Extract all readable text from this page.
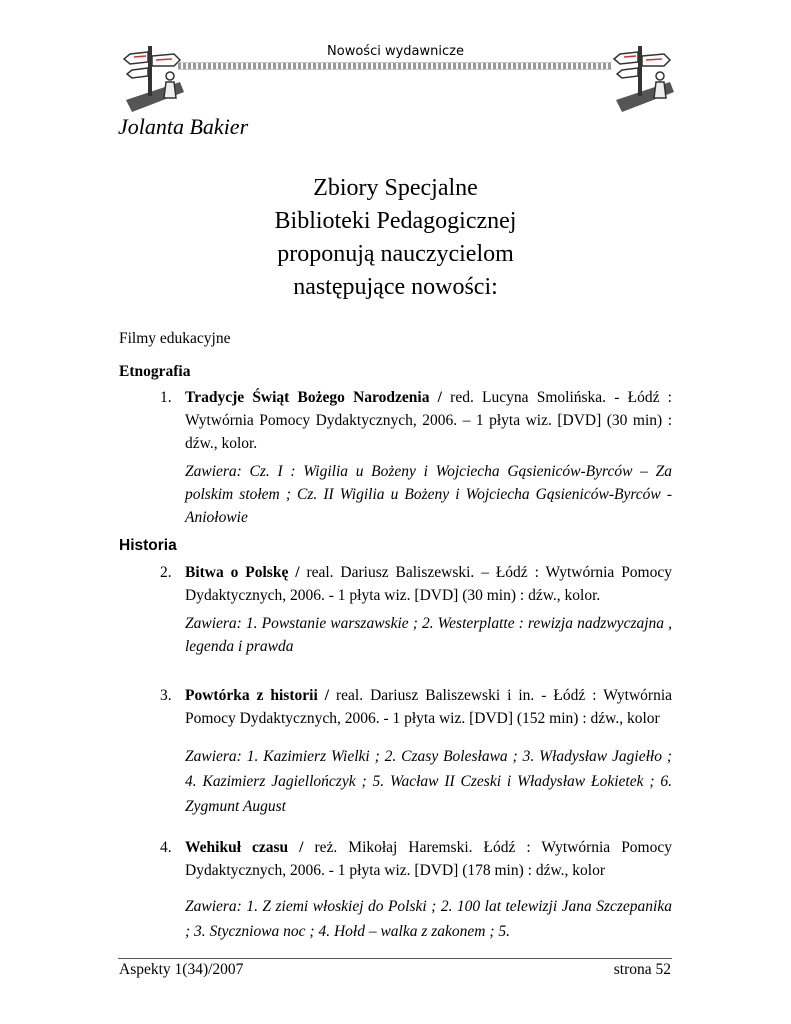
Nowości wydawnicze
Jolanta Bakier
Zbiory Specjalne
Biblioteki Pedagogicznej
proponują nauczycielom
następujące nowości:
Filmy edukacyjne
Etnografia
1. Tradycje Świąt Bożego Narodzenia / red. Lucyna Smolińska. - Łódź : Wytwórnia Pomocy Dydaktycznych, 2006. – 1 płyta wiz. [DVD] (30 min) : dźw., kolor.
Zawiera: Cz. I : Wigilia u Bożeny i Wojciecha Gąsieniców-Byrców – Za polskim stołem ; Cz. II Wigilia u Bożeny i Wojciecha Gąsieniców-Byrców - Aniołowie
Historia
2. Bitwa o Polskę / real. Dariusz Baliszewski. – Łódź : Wytwórnia Pomocy Dydaktycznych, 2006. - 1 płyta wiz. [DVD] (30 min) : dźw., kolor.
Zawiera: 1. Powstanie warszawskie ; 2. Westerplatte : rewizja nadzwyczajna , legenda i prawda
3. Powtórka z historii / real. Dariusz Baliszewski i in. - Łódź : Wytwórnia Pomocy Dydaktycznych, 2006. - 1 płyta wiz. [DVD] (152 min) : dźw., kolor
Zawiera: 1. Kazimierz Wielki ; 2. Czasy Bolesława ; 3. Władysław Jagiełło ; 4. Kazimierz Jagiellończyk ; 5. Wacław II Czeski i Władysław Łokietek ; 6. Zygmunt August
4. Wehikuł czasu / reż. Mikołaj Haremski. Łódź : Wytwórnia Pomocy Dydaktycznych, 2006. - 1 płyta wiz. [DVD] (178 min) : dźw., kolor
Zawiera: 1. Z ziemi włoskiej do Polski ; 2. 100 lat telewizji Jana Szczepanika ; 3. Styczniowa noc ; 4. Hołd – walka z zakonem ; 5.
Aspekty 1(34)/2007	strona 52
